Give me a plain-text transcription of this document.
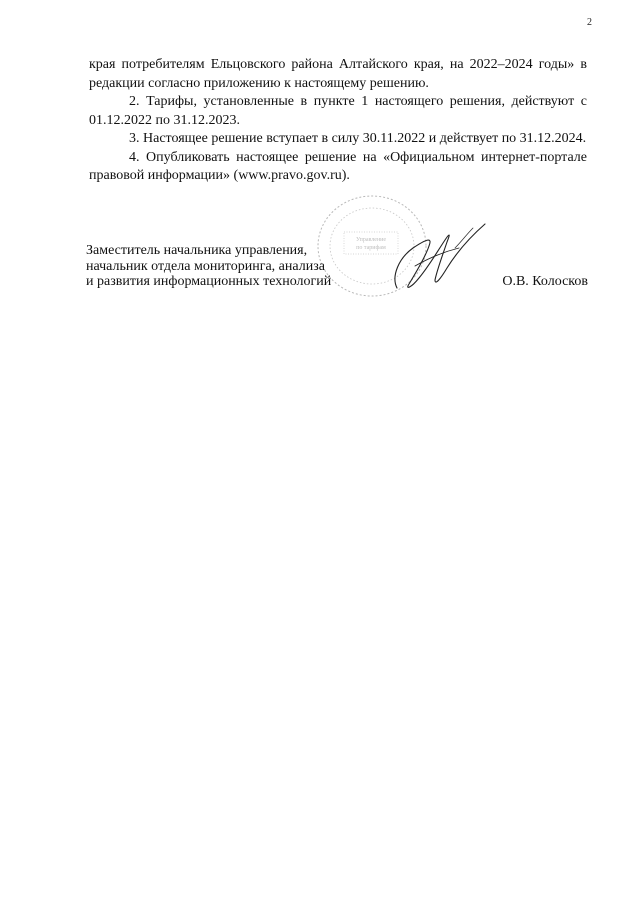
2

края потребителям Ельцовского района Алтайского края, на 2022–2024 годы» в редакции согласно приложению к настоящему решению.

2. Тарифы, установленные в пункте 1 настоящего решения, действуют с 01.12.2022 по 31.12.2023.

3. Настоящее решение вступает в силу 30.11.2022 и действует по 31.12.2024.

4. Опубликовать настоящее решение на «Официальном интернет-портале правовой информации» (www.pravo.gov.ru).

Управление
по тарифам
Заместитель начальника управления,
начальник отдела мониторинга, анализа
и развития информационных технологий	О.В. Колосков
